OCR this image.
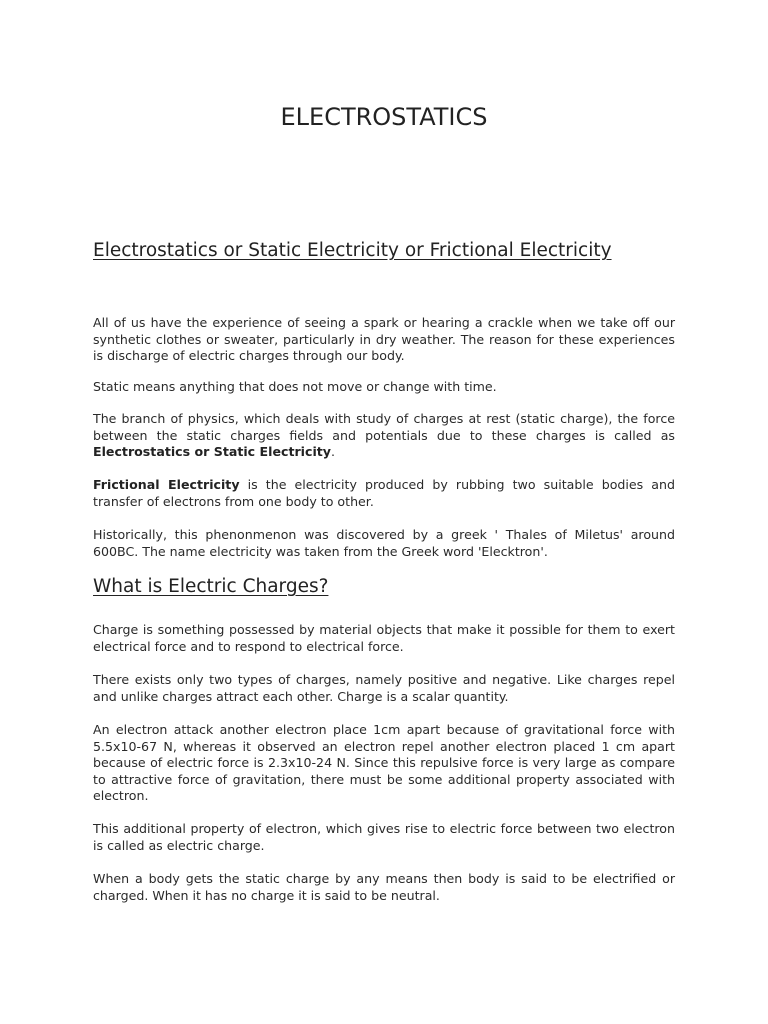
ELECTROSTATICS
Electrostatics or Static Electricity or Frictional Electricity

All of us have the experience of seeing a spark or hearing a crackle when we take off our synthetic clothes or sweater, particularly in dry weather. The reason for these experiences is discharge of electric charges through our body.

Static means anything that does not move or change with time.

The branch of physics, which deals with study of charges at rest (static charge), the force between the static charges fields and potentials due to these charges is called as Electrostatics or Static Electricity.

Frictional Electricity is the electricity produced by rubbing two suitable bodies and transfer of electrons from one body to other.

Historically, this phenonmenon was discovered by a greek ' Thales of Miletus' around 600BC. The name electricity was taken from the Greek word 'Elecktron'.

What is Electric Charges?

Charge is something possessed by material objects that make it possible for them to exert electrical force and to respond to electrical force.

There exists only two types of charges, namely positive and negative. Like charges repel and unlike charges attract each other. Charge is a scalar quantity.

An electron attack another electron place 1cm apart because of gravitational force with 5.5x10-67 N, whereas it observed an electron repel another electron placed 1 cm apart because of electric force is 2.3x10-24 N. Since this repulsive force is very large as compare to attractive force of gravitation, there must be some additional property associated with electron.

This additional property of electron, which gives rise to electric force between two electron is called as electric charge.

When a body gets the static charge by any means then body is said to be electrified or charged. When it has no charge it is said to be neutral.
